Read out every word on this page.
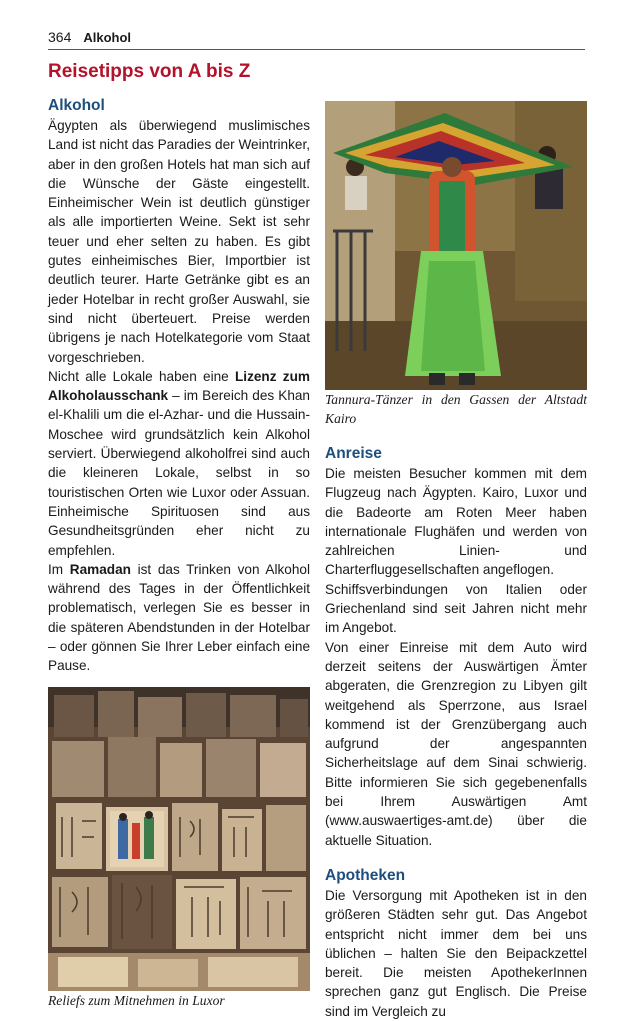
364 Alkohol
Reisetipps von A bis Z
Alkohol

Ägypten als überwiegend muslimisches Land ist nicht das Paradies der Weintrinker, aber in den großen Hotels hat man sich auf die Wünsche der Gäste eingestellt. Einheimischer Wein ist deutlich günstiger als alle importierten Weine. Sekt ist sehr teuer und eher selten zu haben. Es gibt gutes einheimisches Bier, Importbier ist deutlich teurer. Harte Getränke gibt es an jeder Hotelbar in recht großer Auswahl, sie sind nicht überteuert. Preise werden übrigens je nach Hotelkategorie vom Staat vorgeschrieben.

Nicht alle Lokale haben eine Lizenz zum Alkoholausschank – im Bereich des Khan el-Khalili um die el-Azhar- und die Hussain-Moschee wird grundsätzlich kein Alkohol serviert. Überwiegend alkoholfrei sind auch die kleineren Lokale, selbst in so touristischen Orten wie Luxor oder Assuan. Einheimische Spirituosen sind aus Gesundheitsgründen eher nicht zu empfehlen.

Im Ramadan ist das Trinken von Alkohol während des Tages in der Öffentlichkeit problematisch, verlegen Sie es besser in die späteren Abendstunden in der Hotelbar – oder gönnen Sie Ihrer Leber einfach eine Pause.

Reliefs zum Mitnehmen in Luxor

Tannura-Tänzer in den Gassen der Altstadt Kairo

Anreise

Die meisten Besucher kommen mit dem Flugzeug nach Ägypten. Kairo, Luxor und die Badeorte am Roten Meer haben internationale Flughäfen und werden von zahlreichen Linien- und Charterfluggesellschaften angeflogen.

Schiffsverbindungen von Italien oder Griechenland sind seit Jahren nicht mehr im Angebot.

Von einer Einreise mit dem Auto wird derzeit seitens der Auswärtigen Ämter abgeraten, die Grenzregion zu Libyen gilt weitgehend als Sperrzone, aus Israel kommend ist der Grenzübergang auch aufgrund der angespannten Sicherheitslage auf dem Sinai schwierig. Bitte informieren Sie sich gegebenenfalls bei Ihrem Auswärtigen Amt (www.auswaertiges-amt.de) über die aktuelle Situation.

Apotheken

Die Versorgung mit Apotheken ist in den größeren Städten sehr gut. Das Angebot entspricht nicht immer dem bei uns üblichen – halten Sie den Beipackzettel bereit. Die meisten ApothekerInnen sprechen ganz gut Englisch. Die Preise sind im Vergleich zu
